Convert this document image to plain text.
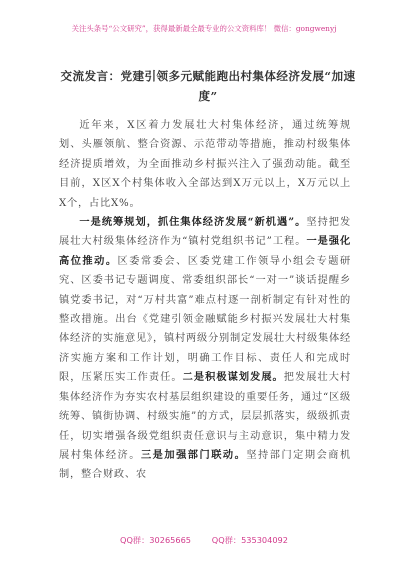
关注头条号“公文研究”，获得最新最全最专业的公文资料库！ 微信：gongwenyj
交流发言：党建引领多元赋能跑出村集体经济发展“加速度”

近年来，X区着力发展壮大村集体经济，通过统筹规划、头雁领航、整合资源、示范带动等措施，推动村级集体经济提质增效，为全面推动乡村振兴注入了强劲动能。截至目前，X区X个村集体收入全部达到X万元以上，X万元以上X个，占比X%。

一是统筹规划，抓住集体经济发展“新机遇”。坚持把发展壮大村级集体经济作为“镇村党组织书记”工程。一是强化高位推动。区委常委会、区委党建工作领导小组会专题研究、区委书记专题调度、常委组织部长“一对一”谈话提醒乡镇党委书记，对“万村共富”难点村逐一剖析制定有针对性的整改措施。出台《党建引领金融赋能乡村振兴发展壮大村集体经济的实施意见》，镇村两级分别制定发展壮大村级集体经济实施方案和工作计划，明确工作目标、责任人和完成时限，压紧压实工作责任。二是积极谋划发展。把发展壮大村集体经济作为夯实农村基层组织建设的重要任务，通过“区级统筹、镇街协调、村级实施”的方式，层层抓落实，级级抓责任，切实增强各级党组织责任意识与主动意识，集中精力发展村集体经济。三是加强部门联动。坚持部门定期会商机制，整合财政、农

QQ群：30265665        QQ群：535304092
